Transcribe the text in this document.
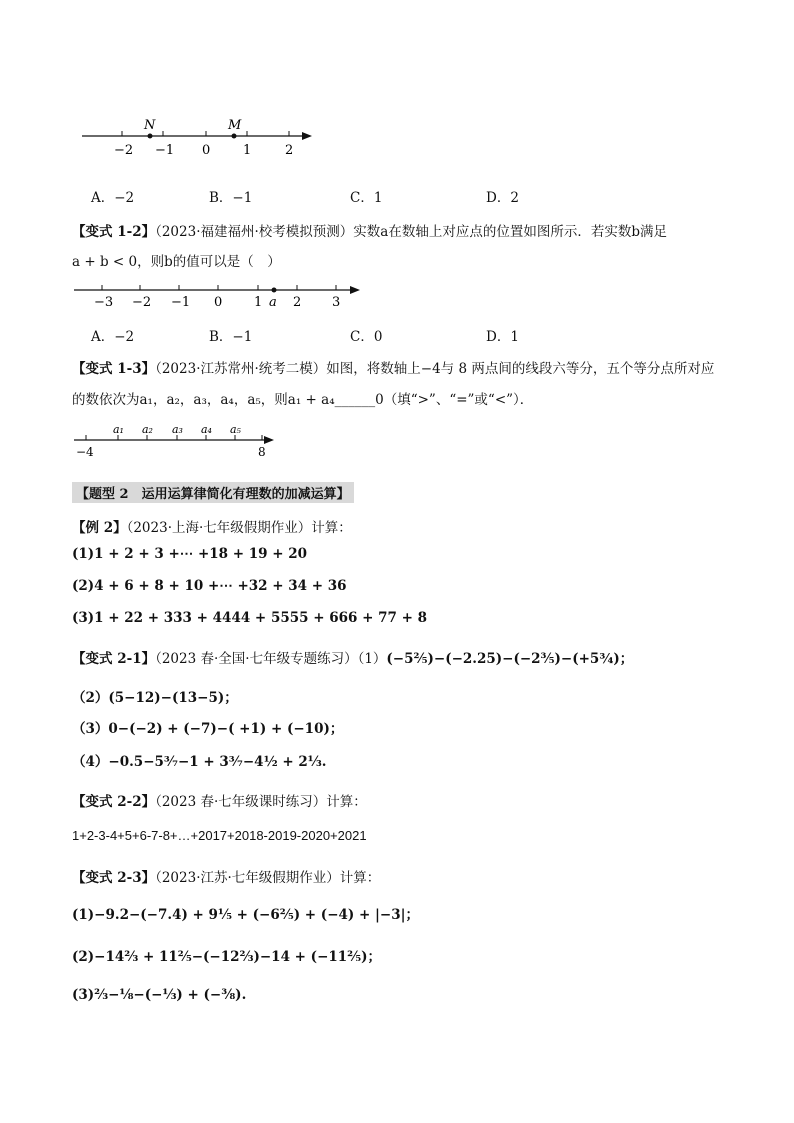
−2 −1 0	1	2
N	M
A．−2	B．−1	C．1	D．2
【变式 1-2】（2023·福建福州·校考模拟预测）实数a在数轴上对应点的位置如图所示．若实数b满足
a + b < 0，则b的值可以是（　）
−3 −2 −1 0 1 2 3
a
A．−2	B．−1	C．0	D．1
【变式 1-3】（2023·江苏常州·统考二模）如图，将数轴上−4与 8 两点间的线段六等分，五个等分点所对应
的数依次为a₁，a₂，a₃，a₄，a₅，则a₁ + a₄______0（填“>”、“=”或“<”）．
−4	8
a₁ a₂ a₃ a₄ a₅
【题型 2　运用运算律简化有理数的加减运算】
【例 2】（2023·上海·七年级假期作业）计算：
(1)1 + 2 + 3 +⋯ +18 + 19 + 20
(2)4 + 6 + 8 + 10 +⋯ +32 + 34 + 36
(3)1 + 22 + 333 + 4444 + 5555 + 666 + 77 + 8
【变式 2-1】（2023 春·全国·七年级专题练习）（1）(−5⅖)−(−2.25)−(−2⅗)−(+5¾)；
（2）(5−12)−(13−5)；
（3）0−(−2) + (−7)−( +1) + (−10)；
（4）−0.5−5³⁄₇−1 + 3³⁄₇−4½ + 2⅓.
【变式 2-2】（2023 春·七年级课时练习）计算：
1+2-3-4+5+6-7-8+…+2017+2018-2019-2020+2021
【变式 2-3】（2023·江苏·七年级假期作业）计算：
(1)−9.2−(−7.4) + 9⅕ + (−6⅖) + (−4) + |−3|；
(2)−14⅔ + 11⅖−(−12⅔)−14 + (−11⅖)；
(3)⅔−⅛−(−⅓) + (−⅜).
